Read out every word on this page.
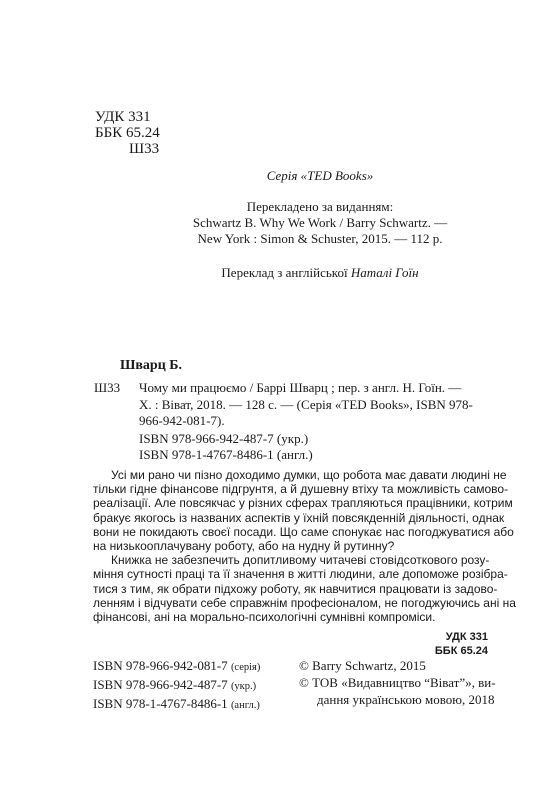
УДК 331
ББК 65.24
Ш33
Серія «TED Books»
Перекладено за виданням:
Schwartz B. Why We Work / Barry Schwartz. —
New York : Simon & Schuster, 2015. — 112 p.
Переклад з англійської Наталі Гоїн
Шварц Б.
Ш33	Чому ми працюємо / Баррі Шварц ; пер. з англ. Н. Гоїн. —
Х. : Віват, 2018. — 128 с. — (Серія «TED Books», ISBN 978-
966-942-081-7).
ISBN 978-966-942-487-7 (укр.)
ISBN 978-1-4767-8486-1 (англ.)
Усі ми рано чи пізно доходимо думки, що робота має давати людині не
тільки гідне фінансове підгрунтя, а й душевну втіху та можливість самово-
реалізації. Але повсякчас у різних сферах трапляються працівники, котрим
бракує якогось із названих аспектів у їхній повсякденній діяльності, однак
вони не покидають своєї посади. Що саме спонукає нас погоджуватися або
на низькооплачувану роботу, або на нудну й рутинну?
Книжка не забезпечить допитливому читачеві стовідсоткового розу-
міння сутності праці та її значення в житті людини, але допоможе розібра-
тися з тим, як обрати підхожу роботу, як навчитися працювати із задово-
ленням і відчувати себе справжнім професіоналом, не погоджуючись ані на
фінансові, ані на морально-психологічні сумнівні компроміси.
УДК 331
ББК 65.24
ISBN 978-966-942-081-7 (серія)
ISBN 978-966-942-487-7 (укр.)
ISBN 978-1-4767-8486-1 (англ.)
© Barry Schwartz, 2015
© ТОВ «Видавництво “Віват”», ви-
дання українською мовою, 2018
